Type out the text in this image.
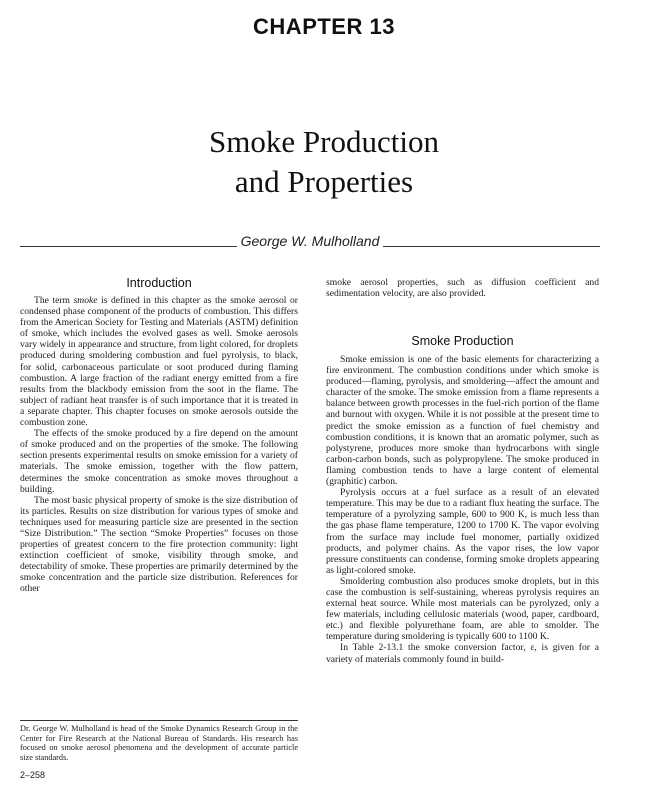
CHAPTER 13
Smoke Production
and Properties
George W. Mulholland
Introduction

The term smoke is defined in this chapter as the smoke aerosol or condensed phase component of the products of combustion. This differs from the American Society for Testing and Materials (ASTM) definition of smoke, which includes the evolved gases as well. Smoke aerosols vary widely in appearance and structure, from light colored, for droplets produced during smoldering combustion and fuel pyrolysis, to black, for solid, carbonaceous particulate or soot produced during flaming combustion. A large fraction of the radiant energy emitted from a fire results from the blackbody emission from the soot in the flame. The subject of radiant heat transfer is of such importance that it is treated in a separate chapter. This chapter focuses on smoke aerosols outside the combustion zone.

The effects of the smoke produced by a fire depend on the amount of smoke produced and on the properties of the smoke. The following section presents experimental results on smoke emission for a variety of materials. The smoke emission, together with the flow pattern, determines the smoke concentration as smoke moves throughout a building.

The most basic physical property of smoke is the size distribution of its particles. Results on size distribution for various types of smoke and techniques used for measuring particle size are presented in the section “Size Distribution.” The section “Smoke Properties” focuses on those properties of greatest concern to the fire protection community: light extinction coefficient of smoke, visibility through smoke, and detectability of smoke. These properties are primarily determined by the smoke concentration and the particle size distribution. References for other

smoke aerosol properties, such as diffusion coefficient and sedimentation velocity, are also provided.

Smoke Production

Smoke emission is one of the basic elements for characterizing a fire environment. The combustion conditions under which smoke is produced—flaming, pyrolysis, and smoldering—affect the amount and character of the smoke. The smoke emission from a flame represents a balance between growth processes in the fuel-rich portion of the flame and burnout with oxygen. While it is not possible at the present time to predict the smoke emission as a function of fuel chemistry and combustion conditions, it is known that an aromatic polymer, such as polystyrene, produces more smoke than hydrocarbons with single carbon-carbon bonds, such as polypropylene. The smoke produced in flaming combustion tends to have a large content of elemental (graphitic) carbon.

Pyrolysis occurs at a fuel surface as a result of an elevated temperature. This may be due to a radiant flux heating the surface. The temperature of a pyrolyzing sample, 600 to 900 K, is much less than the gas phase flame temperature, 1200 to 1700 K. The vapor evolving from the surface may include fuel monomer, partially oxidized products, and polymer chains. As the vapor rises, the low vapor pressure constituents can condense, forming smoke droplets appearing as light-colored smoke.

Smoldering combustion also produces smoke droplets, but in this case the combustion is self-sustaining, whereas pyrolysis requires an external heat source. While most materials can be pyrolyzed, only a few materials, including cellulosic materials (wood, paper, cardboard, etc.) and flexible polyurethane foam, are able to smolder. The temperature during smoldering is typically 600 to 1100 K.

In Table 2-13.1 the smoke conversion factor, ε, is given for a variety of materials commonly found in build-

Dr. George W. Mulholland is head of the Smoke Dynamics Research Group in the Center for Fire Research at the National Bureau of Standards. His research has focused on smoke aerosol phenomena and the development of accurate particle size standards.
2–258
